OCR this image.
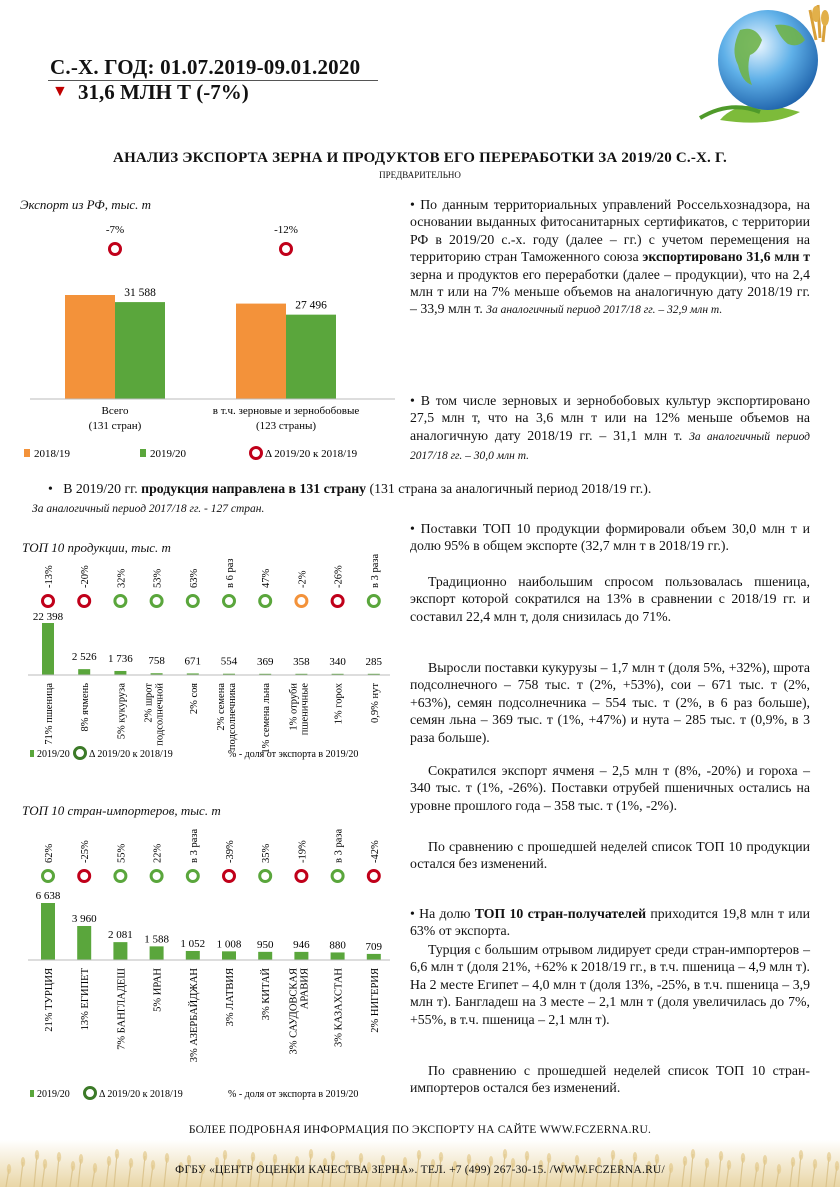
С.-Х. ГОД: 01.07.2019-09.01.2020
▼ 31,6 МЛН Т (-7%)
АНАЛИЗ ЭКСПОРТА ЗЕРНА И ПРОДУКТОВ ЕГО ПЕРЕРАБОТКИ ЗА 2019/20 С.-Х. Г.
ПРЕДВАРИТЕЛЬНО
Экспорт из РФ, тыс. т
31 588
-7%
Всего
(131 стран)
27 496
-12%
в т.ч. зерновые и зернобобовые
(123 страны)
2018/19	2019/20	Δ 2019/20 к 2018/19
• По данным территориальных управлений Россельхознадзора, на основании выданных фитосанитарных сертификатов, с территории РФ в 2019/20 с.-х. году (далее – гг.) с учетом перемещения на территорию стран Таможенного союза экспортировано 31,6 млн т зерна и продуктов его переработки (далее – продукции), что на 2,4 млн т или на 7% меньше объемов на аналогичную дату 2018/19 гг. – 33,9 млн т. За аналогичный период 2017/18 гг. – 32,9 млн т.
• В том числе зерновых и зернобобовых культур экспортировано 27,5 млн т, что на 3,6 млн т или на 12% меньше объемов на аналогичную дату 2018/19 гг. – 31,1 млн т. За аналогичный период 2017/18 гг. – 30,0 млн т.
•   В 2019/20 гг. продукция направлена в 131 страну (131 страна за аналогичный период 2018/19 гг.).
За аналогичный период 2017/18 гг. - 127 стран.
ТОП 10 продукции, тыс. т
22 398
-13%
71% пшеница
2 526
-20%
8% ячмень
1 736
32%
5% кукуруза
758
53%
2% шрот подсолнечной
671
63%
2% соя
554
в 6 раз
2% семена подсолнечника
369
47%
1% семена льна
358
-2%
1% отруби пшеничные
340
-26%
1% горох
285
в 3 раза
0,9% нут
2019/20 Δ 2019/20 к 2018/19	% - доля от экспорта в 2019/20
• Поставки ТОП 10 продукции формировали объем 30,0 млн т и долю 95% в общем экспорте (32,7 млн т в 2018/19 гг.).
Традиционно наибольшим спросом пользовалась пшеница, экспорт которой сократился на 13% в сравнении с 2018/19 гг. и составил 22,4 млн т, доля снизилась до 71%.
Выросли поставки кукурузы – 1,7 млн т (доля 5%, +32%), шрота подсолнечного – 758 тыс. т (2%, +53%), сои – 671 тыс. т (2%, +63%), семян подсолнечника – 554 тыс. т (2%, в 6 раз больше), семян льна – 369 тыс. т (1%, +47%) и нута – 285 тыс. т (0,9%, в 3 раза больше).
Сократился экспорт ячменя – 2,5 млн т (8%, -20%) и гороха – 340 тыс. т (1%, -26%). Поставки отрубей пшеничных остались на уровне прошлого года – 358 тыс. т (1%, -2%).
По сравнению с прошедшей неделей список ТОП 10 продукции остался без изменений.
ТОП 10 стран-импортеров, тыс. т
6 638
62%
21% ТУРЦИЯ
3 960
-25%
13% ЕГИПЕТ
2 081
55%
7% БАНГЛАДЕШ
1 588
22%
5% ИРАН
1 052
в 3 раза
3% АЗЕРБАЙДЖАН
1 008
-39%
3% ЛАТВИЯ
950
35%
3% КИТАЙ
946
-19%
3% САУДОВСКАЯ АРАВИЯ
880
в 3 раза
3% КАЗАХСТАН
709
-42%
2% НИГЕРИЯ
2019/20	Δ 2019/20 к 2018/19	% - доля от экспорта в 2019/20
• На долю ТОП 10 стран-получателей приходится 19,8 млн т или 63% от экспорта.
Турция с большим отрывом лидирует среди стран-импортеров – 6,6 млн т (доля 21%, +62% к 2018/19 гг., в т.ч. пшеница – 4,9 млн т). На 2 месте Египет – 4,0 млн т (доля 13%, -25%, в т.ч. пшеница – 3,9 млн т). Бангладеш на 3 месте – 2,1 млн т (доля увеличилась до 7%, +55%, в т.ч. пшеница – 2,1 млн т).
По сравнению с прошедшей неделей список ТОП 10 стран-импортеров остался без изменений.
БОЛЕЕ ПОДРОБНАЯ ИНФОРМАЦИЯ ПО ЭКСПОРТУ НА САЙТЕ WWW.FCZERNA.RU.
ФГБУ «ЦЕНТР ОЦЕНКИ КАЧЕСТВА ЗЕРНА». ТЕЛ. +7 (499) 267-30-15. /WWW.FCZERNA.RU/
